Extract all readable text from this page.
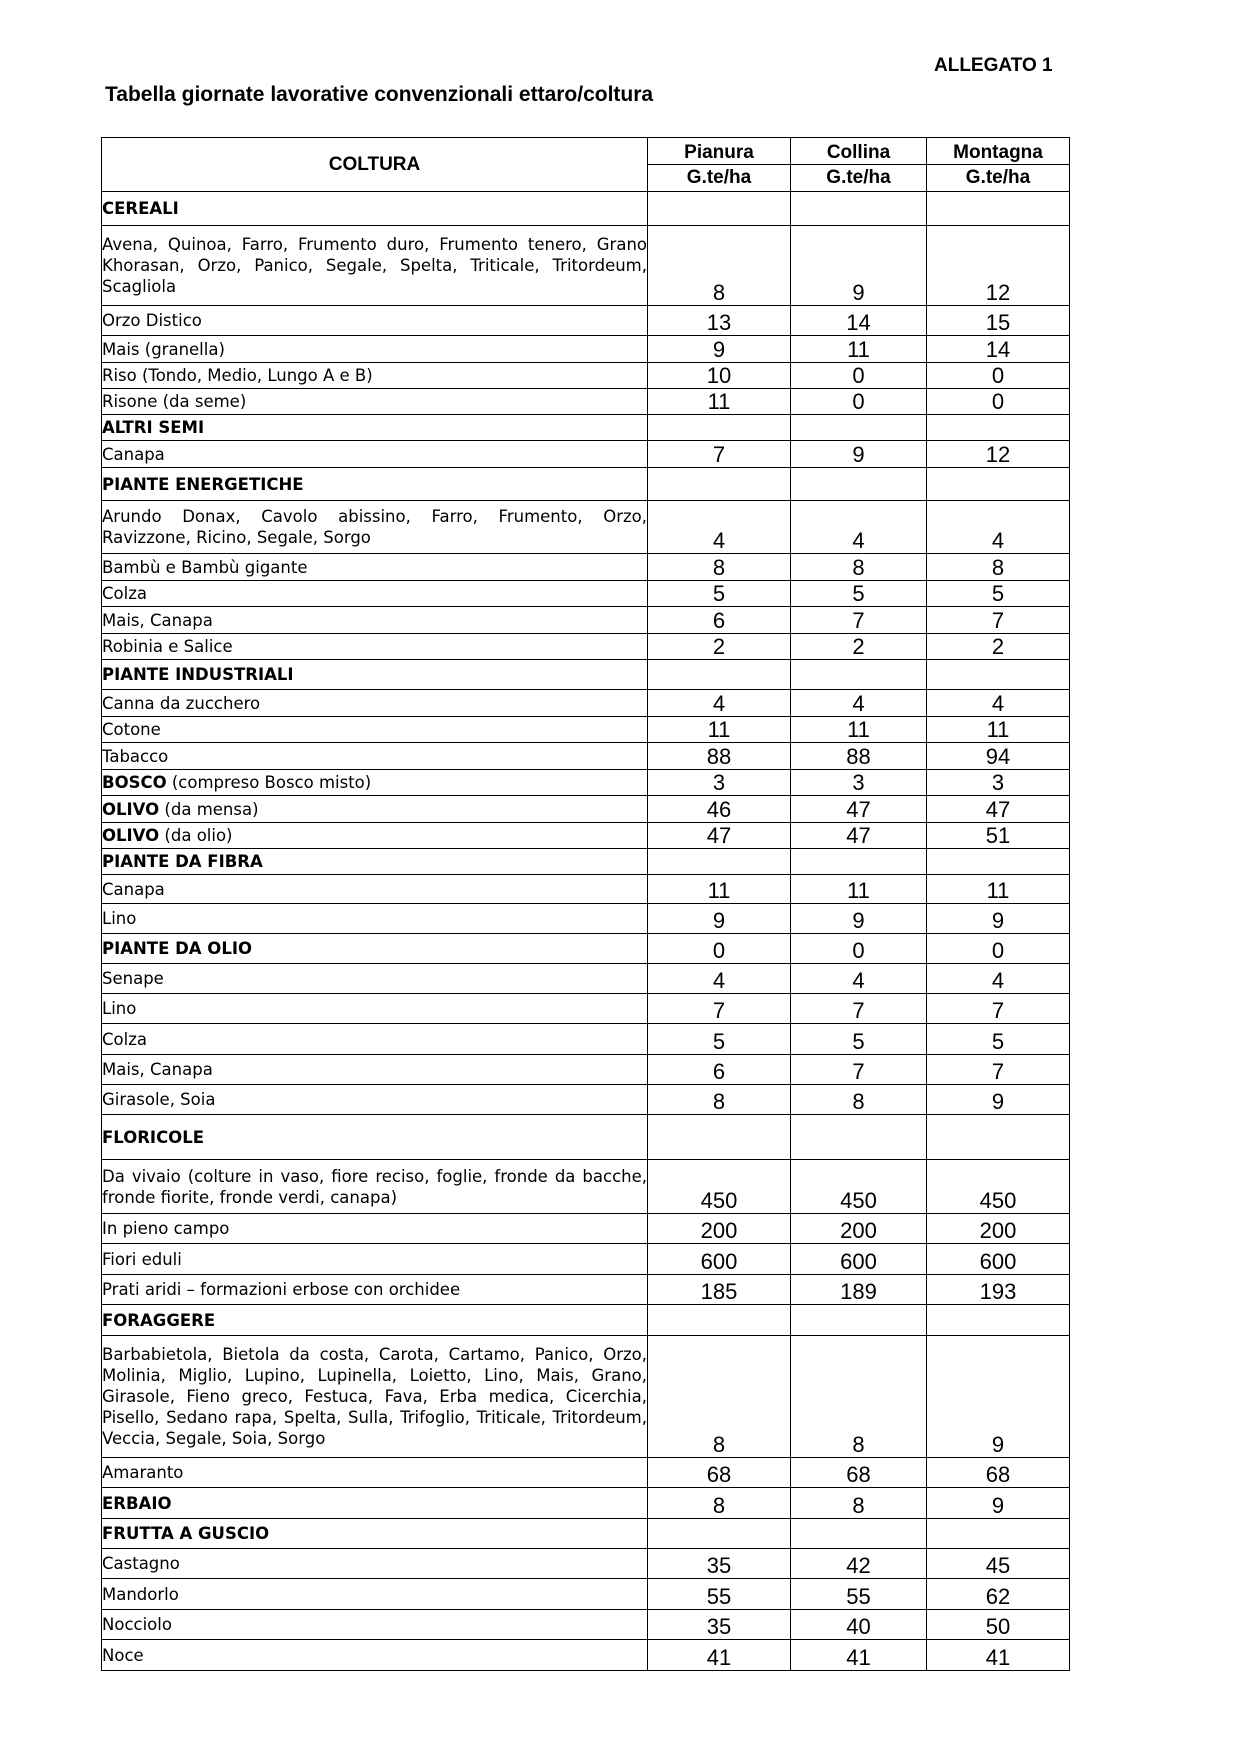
ALLEGATO 1
Tabella giornate lavorative convenzionali ettaro/coltura
COLTURA	Pianura	Collina	Montagna
	G.te/ha	G.te/ha	G.te/ha
CEREALI			
Avena, Quinoa, Farro, Frumento duro, Frumento tenero, Grano Khorasan, Orzo, Panico, Segale, Spelta, Triticale, Tritordeum, Scagliola	8	9	12
Orzo Distico	13	14	15
Mais (granella)	9	11	14
Riso (Tondo, Medio, Lungo A e B)	10	0	0
Risone (da seme)	11	0	0
ALTRI SEMI			
Canapa	7	9	12
PIANTE ENERGETICHE			
Arundo Donax, Cavolo abissino, Farro, Frumento, Orzo, Ravizzone, Ricino, Segale, Sorgo	4	4	4
Bambù e Bambù gigante	8	8	8
Colza	5	5	5
Mais, Canapa	6	7	7
Robinia e Salice	2	2	2
PIANTE INDUSTRIALI			
Canna da zucchero	4	4	4
Cotone	11	11	11
Tabacco	88	88	94
BOSCO (compreso Bosco misto)	3	3	3
OLIVO (da mensa)	46	47	47
OLIVO (da olio)	47	47	51
PIANTE DA FIBRA			
Canapa	11	11	11
Lino	9	9	9
PIANTE DA OLIO	0	0	0
Senape	4	4	4
Lino	7	7	7
Colza	5	5	5
Mais, Canapa	6	7	7
Girasole, Soia	8	8	9
FLORICOLE			
Da vivaio (colture in vaso, fiore reciso, foglie, fronde da bacche, fronde fiorite, fronde verdi, canapa)	450	450	450
In pieno campo	200	200	200
Fiori eduli	600	600	600
Prati aridi – formazioni erbose con orchidee	185	189	193
FORAGGERE			
Barbabietola, Bietola da costa, Carota, Cartamo, Panico, Orzo, Molinia, Miglio, Lupino, Lupinella, Loietto, Lino, Mais, Grano, Girasole, Fieno greco, Festuca, Fava, Erba medica, Cicerchia, Pisello, Sedano rapa, Spelta, Sulla, Trifoglio, Triticale, Tritordeum, Veccia, Segale, Soia, Sorgo	8	8	9
Amaranto	68	68	68
ERBAIO	8	8	9
FRUTTA A GUSCIO			
Castagno	35	42	45
Mandorlo	55	55	62
Nocciolo	35	40	50
Noce	41	41	41
